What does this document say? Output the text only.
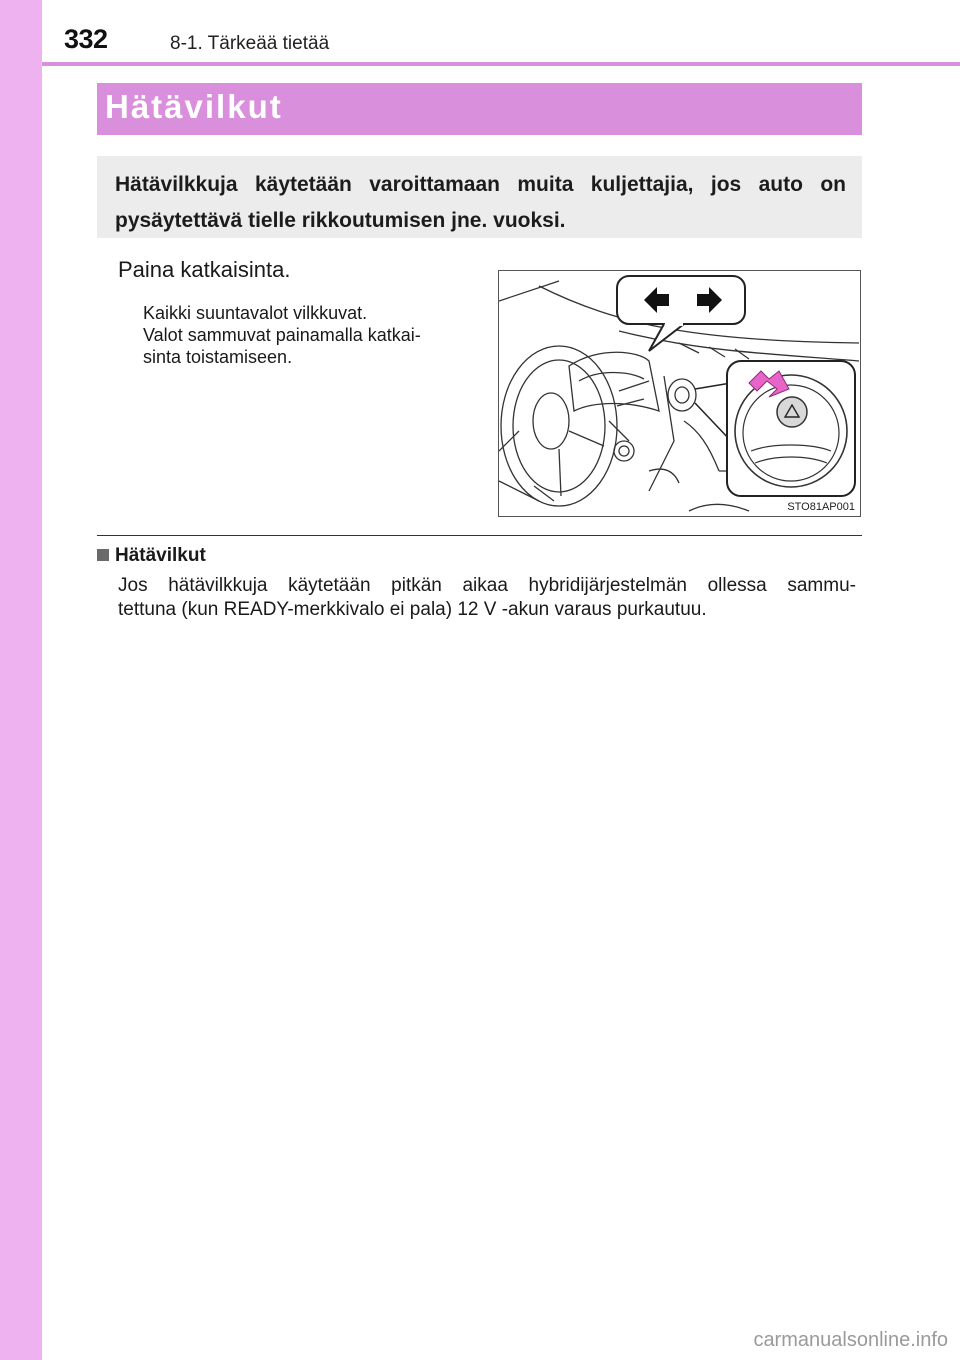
332	8-1. Tärkeää tietää
Hätävilkut
Hätävilkkuja käytetään varoittamaan muita kuljettajia, jos auto on pysäytettävä tielle rikkoutumisen jne. vuoksi.
Paina katkaisinta.
Kaikki suuntavalot vilkkuvat.
Valot sammuvat painamalla katkai-
sinta toistamiseen.
STO81AP001
Hätävilkut
Jos hätävilkkuja käytetään pitkän aikaa hybridijärjestelmän ollessa sammu-
tettuna (kun READY-merkkivalo ei pala) 12 V -akun varaus purkautuu.
carmanualsonline.info
